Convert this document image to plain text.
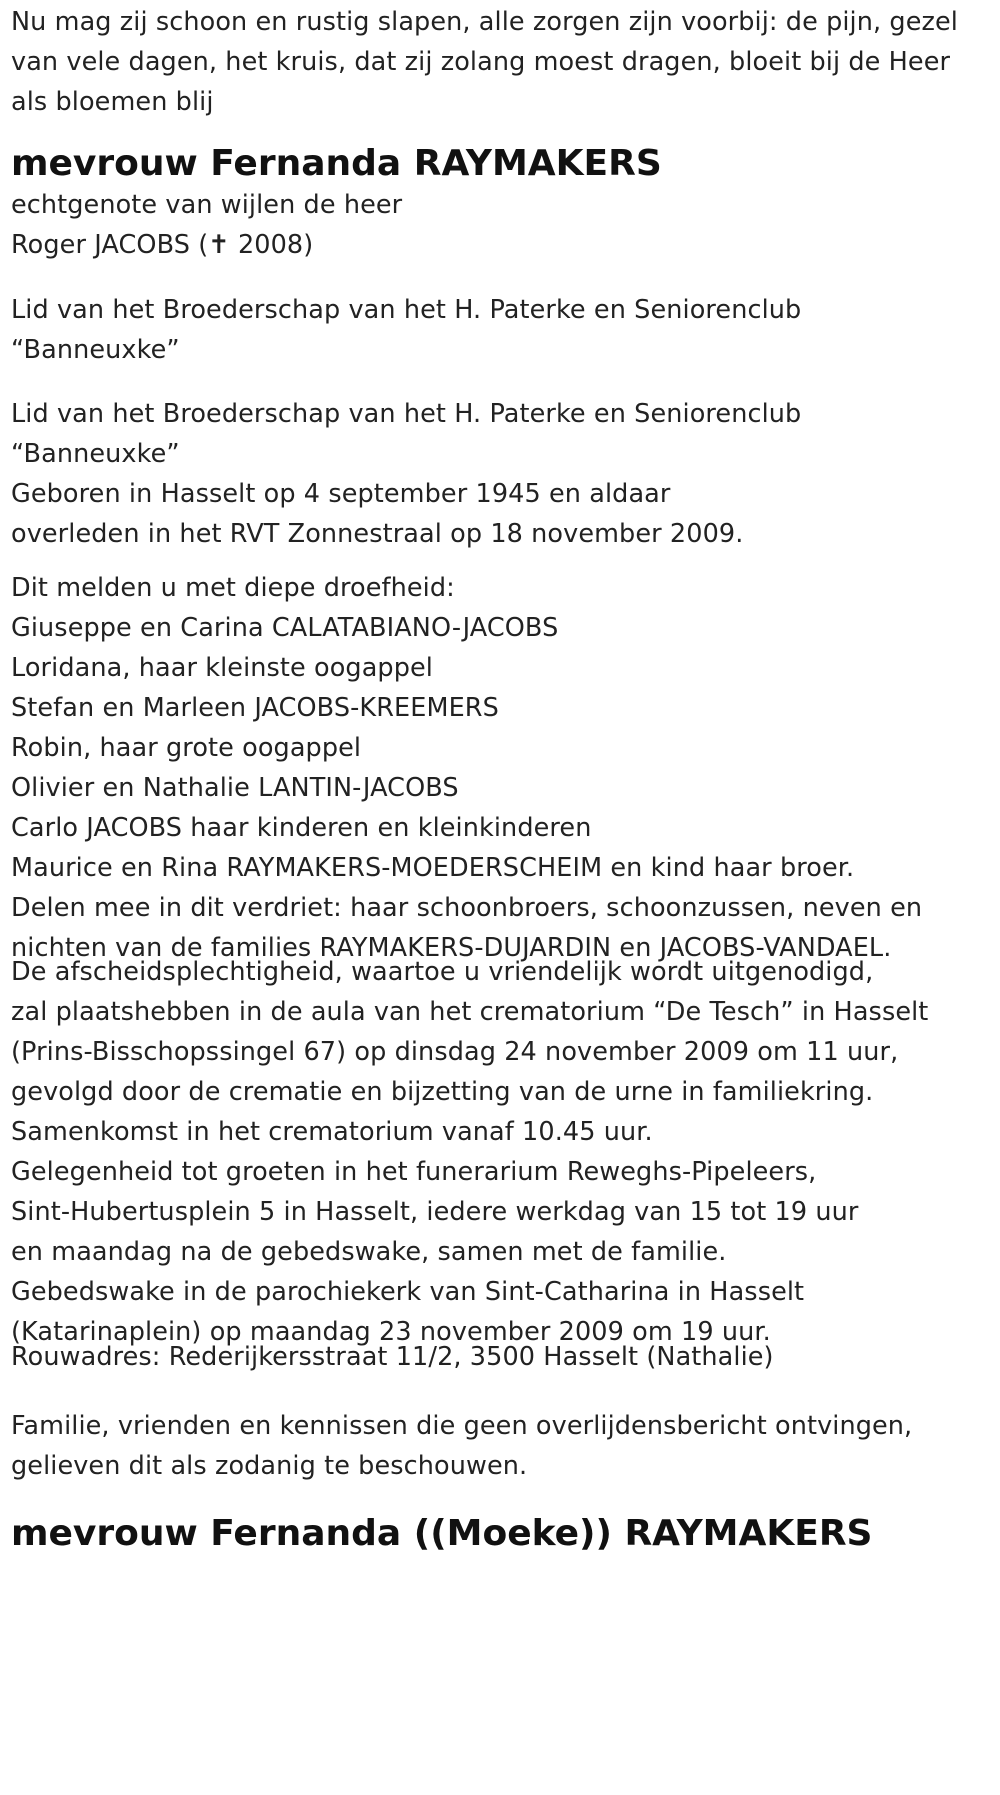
Nu mag zij schoon en rustig slapen, alle zorgen zijn voorbij: de pijn, gezel
van vele dagen, het kruis, dat zij zolang moest dragen, bloeit bij de Heer
als bloemen blij
mevrouw Fernanda RAYMAKERS
echtgenote van wijlen de heer
Roger JACOBS (✝ 2008)
Lid van het Broederschap van het H. Paterke en Seniorenclub
“Banneuxke”
Lid van het Broederschap van het H. Paterke en Seniorenclub
“Banneuxke”
Geboren in Hasselt op 4 september 1945 en aldaar
overleden in het RVT Zonnestraal op 18 november 2009.
Dit melden u met diepe droefheid:
Giuseppe en Carina CALATABIANO-JACOBS
Loridana, haar kleinste oogappel
Stefan en Marleen JACOBS-KREEMERS
Robin, haar grote oogappel
Olivier en Nathalie LANTIN-JACOBS
Carlo JACOBS haar kinderen en kleinkinderen
Maurice en Rina RAYMAKERS-MOEDERSCHEIM en kind haar broer.
Delen mee in dit verdriet: haar schoonbroers, schoonzussen, neven en
nichten van de families RAYMAKERS-DUJARDIN en JACOBS-VANDAEL.
De afscheidsplechtigheid, waartoe u vriendelijk wordt uitgenodigd,
zal plaatshebben in de aula van het crematorium “De Tesch” in Hasselt
(Prins-Bisschopssingel 67) op dinsdag 24 november 2009 om 11 uur,
gevolgd door de crematie en bijzetting van de urne in familiekring.
Samenkomst in het crematorium vanaf 10.45 uur.
Gelegenheid tot groeten in het funerarium Reweghs-Pipeleers,
Sint-Hubertusplein 5 in Hasselt, iedere werkdag van 15 tot 19 uur
en maandag na de gebedswake, samen met de familie.
Gebedswake in de parochiekerk van Sint-Catharina in Hasselt
(Katarinaplein) op maandag 23 november 2009 om 19 uur.
Rouwadres: Rederijkersstraat 11/2, 3500 Hasselt (Nathalie)
Familie, vrienden en kennissen die geen overlijdensbericht ontvingen,
gelieven dit als zodanig te beschouwen.
mevrouw Fernanda ((Moeke)) RAYMAKERS
